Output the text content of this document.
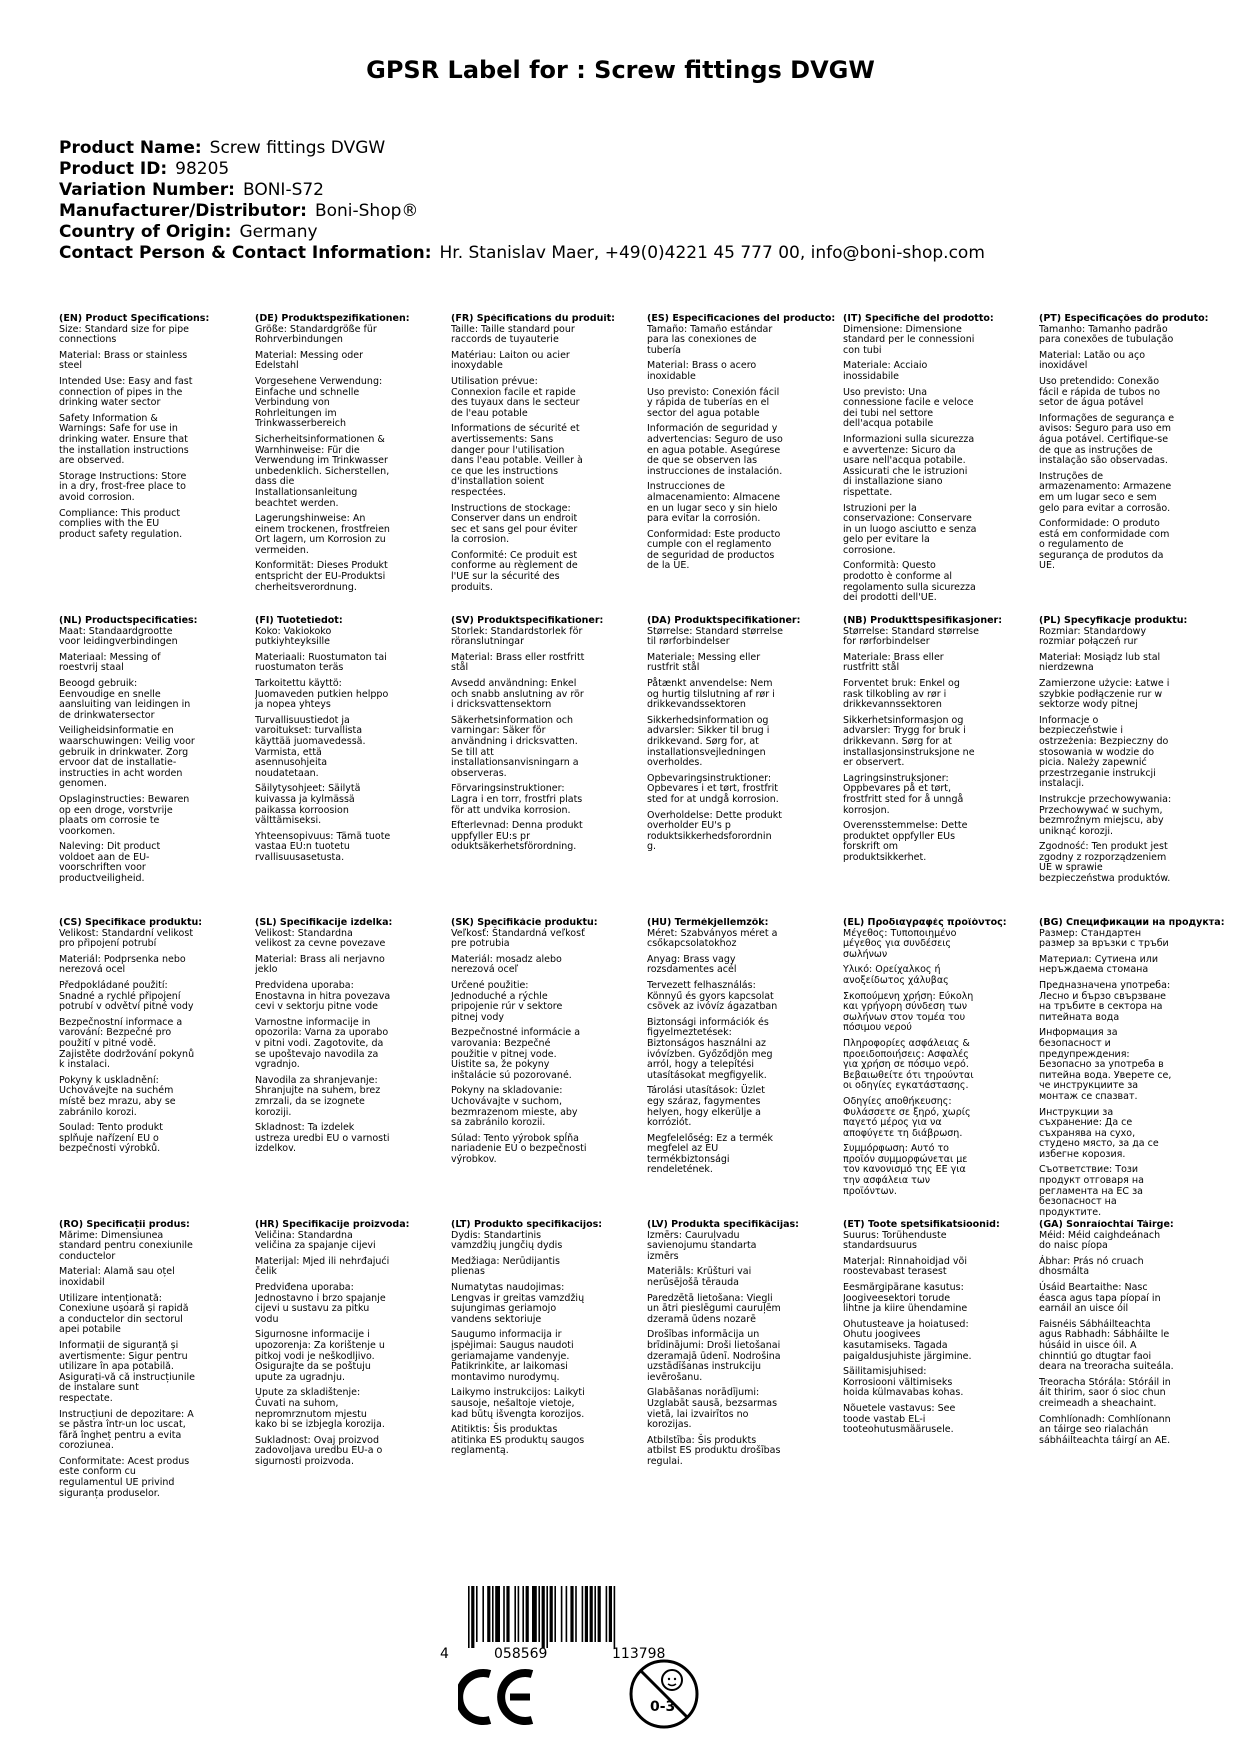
GPSR Label for : Screw fittings DVGW
Product Name: Screw fittings DVGW
Product ID: 98205
Variation Number: BONI-S72
Manufacturer/Distributor: Boni-Shop®
Country of Origin: Germany
Contact Person & Contact Information: Hr. Stanislav Maer, +49(0)4221 45 777 00, info@boni-shop.com
(EN) Product Specifications:

Size: Standard size for pipe connections

Material: Brass or stainless steel

Intended Use: Easy and fast connection of pipes in the drinking water sector

Safety Information & Warnings: Safe for use in drinking water. Ensure that the installation instructions are observed.

Storage Instructions: Store in a dry, frost-free place to avoid corrosion.

Compliance: This product complies with the EU product safety regulation.

(DE) Produktspezifikationen:

Größe: Standardgröße für Rohrverbindungen

Material: Messing oder Edelstahl

Vorgesehene Verwendung: Einfache und schnelle Verbindung von Rohrleitungen im Trinkwasserbereich

Sicherheitsinformationen & Warnhinweise: Für die Verwendung im Trinkwasser unbedenklich. Sicherstellen, dass die Installationsanleitung beachtet werden.

Lagerungshinweise: An einem trockenen, frostfreien Ort lagern, um Korrosion zu vermeiden.

Konformität: Dieses Produkt entspricht der EU-Produktsi cherheitsverordnung.

(FR) Spécifications du produit:

Taille: Taille standard pour raccords de tuyauterie

Matériau: Laiton ou acier inoxydable

Utilisation prévue: Connexion facile et rapide des tuyaux dans le secteur de l'eau potable

Informations de sécurité et avertissements: Sans danger pour l'utilisation dans l'eau potable. Veiller à ce que les instructions d'installation soient respectées.

Instructions de stockage: Conserver dans un endroit sec et sans gel pour éviter la corrosion.

Conformité: Ce produit est conforme au règlement de l'UE sur la sécurité des produits.

(ES) Especificaciones del producto:

Tamaño: Tamaño estándar para las conexiones de tubería

Material: Brass o acero inoxidable

Uso previsto: Conexión fácil y rápida de tuberías en el sector del agua potable

Información de seguridad y advertencias: Seguro de uso en agua potable. Asegúrese de que se observen las instrucciones de instalación.

Instrucciones de almacenamiento: Almacene en un lugar seco y sin hielo para evitar la corrosión.

Conformidad: Este producto cumple con el reglamento de seguridad de productos de la UE.

(IT) Specifiche del prodotto:

Dimensione: Dimensione standard per le connessioni con tubi

Materiale: Acciaio inossidabile

Uso previsto: Una connessione facile e veloce dei tubi nel settore dell'acqua potabile

Informazioni sulla sicurezza e avvertenze: Sicuro da usare nell'acqua potabile. Assicurati che le istruzioni di installazione siano rispettate.

Istruzioni per la conservazione: Conservare in un luogo asciutto e senza gelo per evitare la corrosione.

Conformità: Questo prodotto è conforme al regolamento sulla sicurezza dei prodotti dell'UE.

(PT) Especificações do produto:

Tamanho: Tamanho padrão para conexões de tubulação

Material: Latão ou aço inoxidável

Uso pretendido: Conexão fácil e rápida de tubos no setor de água potável

Informações de segurança e avisos: Seguro para uso em água potável. Certifique-se de que as instruções de instalação são observadas.

Instruções de armazenamento: Armazene em um lugar seco e sem gelo para evitar a corrosão.

Conformidade: O produto está em conformidade com o regulamento de segurança de produtos da UE.

(NL) Productspecificaties:

Maat: Standaardgrootte voor leidingverbindingen

Materiaal: Messing of roestvrij staal

Beoogd gebruik: Eenvoudige en snelle aansluiting van leidingen in de drinkwatersector

Veiligheidsinformatie en waarschuwingen: Veilig voor gebruik in drinkwater. Zorg ervoor dat de installatie-instructies in acht worden genomen.

Opslaginstructies: Bewaren op een droge, vorstvrije plaats om corrosie te voorkomen.

Naleving: Dit product voldoet aan de EU-voorschriften voor productveiligheid.

(FI) Tuotetiedot:

Koko: Vakiokoko putkiyhteyksille

Materiaali: Ruostumaton tai ruostumaton teräs

Tarkoitettu käyttö: Juomaveden putkien helppo ja nopea yhteys

Turvallisuustiedot ja varoitukset: turvallista käyttää juomavedessä. Varmista, että asennusohjeita noudatetaan.

Säilytysohjeet: Säilytä kuivassa ja kylmässä paikassa korroosion välttämiseksi.

Yhteensopivuus: Tämä tuote vastaa EU:n tuotetu rvallisuusasetusta.

(SV) Produktspecifikationer:

Storlek: Standardstorlek för röranslutningar

Material: Brass eller rostfritt stål

Avsedd användning: Enkel och snabb anslutning av rör i dricksvattensektorn

Säkerhetsinformation och varningar: Säker för användning i dricksvatten. Se till att installationsanvisningarn a observeras.

Förvaringsinstruktioner: Lagra i en torr, frostfri plats för att undvika korrosion.

Efterlevnad: Denna produkt uppfyller EU:s pr oduktsäkerhetsförordning.

(DA) Produktspecifikationer:

Størrelse: Standard størrelse til rørforbindelser

Materiale: Messing eller rustfrit stål

Påtænkt anvendelse: Nem og hurtig tilslutning af rør i drikkevandssektoren

Sikkerhedsinformation og advarsler: Sikker til brug i drikkevand. Sørg for, at installationsvejledningen overholdes.

Opbevaringsinstruktioner: Opbevares i et tørt, frostfrit sted for at undgå korrosion.

Overholdelse: Dette produkt overholder EU's p roduktsikkerhedsforordnin g.

(NB) Produkttspesifikasjoner:

Størrelse: Standard størrelse for rørforbindelser

Materiale: Brass eller rustfritt stål

Forventet bruk: Enkel og rask tilkobling av rør i drikkevannssektoren

Sikkerhetsinformasjon og advarsler: Trygg for bruk i drikkevann. Sørg for at installasjonsinstruksjone ne er observert.

Lagringsinstruksjoner: Oppbevares på et tørt, frostfritt sted for å unngå korrosjon.

Overensstemmelse: Dette produktet oppfyller EUs forskrift om produktsikkerhet.

(PL) Specyfikacje produktu:

Rozmiar: Standardowy rozmiar połączeń rur

Materiał: Mosiądz lub stal nierdzewna

Zamierzone użycie: Łatwe i szybkie podłączenie rur w sektorze wody pitnej

Informacje o bezpieczeństwie i ostrzeżenia: Bezpieczny do stosowania w wodzie do picia. Należy zapewnić przestrzeganie instrukcji instalacji.

Instrukcje przechowywania: Przechowywać w suchym, bezmroźnym miejscu, aby uniknąć korozji.

Zgodność: Ten produkt jest zgodny z rozporządzeniem UE w sprawie bezpieczeństwa produktów.

(CS) Specifikace produktu:

Velikost: Standardní velikost pro připojení potrubí

Materiál: Podprsenka nebo nerezová ocel

Předpokládané použití: Snadné a rychlé připojení potrubí v odvětví pitné vody

Bezpečnostní informace a varování: Bezpečné pro použití v pitné vodě. Zajistěte dodržování pokynů k instalaci.

Pokyny k uskladnění: Uchovávejte na suchém místě bez mrazu, aby se zabránilo korozi.

Soulad: Tento produkt splňuje nařízení EU o bezpečnosti výrobků.

(SL) Specifikacije izdelka:

Velikost: Standardna velikost za cevne povezave

Material: Brass ali nerjavno jeklo

Predvidena uporaba: Enostavna in hitra povezava cevi v sektorju pitne vode

Varnostne informacije in opozorila: Varna za uporabo v pitni vodi. Zagotovite, da se upoštevajo navodila za vgradnjo.

Navodila za shranjevanje: Shranjujte na suhem, brez zmrzali, da se izognete koroziji.

Skladnost: Ta izdelek ustreza uredbi EU o varnosti izdelkov.

(SK) Špecifikácie produktu:

Veľkosť: Štandardná veľkosť pre potrubia

Materiál: mosadz alebo nerezová oceľ

Určené použitie: Jednoduché a rýchle pripojenie rúr v sektore pitnej vody

Bezpečnostné informácie a varovania: Bezpečné použitie v pitnej vode. Uistite sa, že pokyny inštalácie sú pozorované.

Pokyny na skladovanie: Uchovávajte v suchom, bezmrazenom mieste, aby sa zabránilo korozii.

Súlad: Tento výrobok spĺňa nariadenie EÚ o bezpečnosti výrobkov.

(HU) Termékjellemzők:

Méret: Szabványos méret a csőkapcsolatokhoz

Anyag: Brass vagy rozsdamentes acél

Tervezett felhasználás: Könnyű és gyors kapcsolat csövek az ivóvíz ágazatban

Biztonsági információk és figyelmeztetések: Biztonságos használni az ivóvízben. Győződjön meg arról, hogy a telepítési utasításokat megfigyelik.

Tárolási utasítások: Üzlet egy száraz, fagymentes helyen, hogy elkerülje a korróziót.

Megfelelőség: Ez a termék megfelel az EU termékbiztonsági rendeletének.

(EL) Προδιαγραφές προϊόντος:

Μέγεθος: Τυποποιημένο μέγεθος για συνδέσεις σωλήνων

Υλικό: Ορείχαλκος ή ανοξείδωτος χάλυβας

Σκοπούμενη χρήση: Εύκολη και γρήγορη σύνδεση των σωλήνων στον τομέα του πόσιμου νερού

Πληροφορίες ασφάλειας & προειδοποιήσεις: Ασφαλές για χρήση σε πόσιμο νερό. Βεβαιωθείτε ότι τηρούνται οι οδηγίες εγκατάστασης.

Οδηγίες αποθήκευσης: Φυλάσσετε σε ξηρό, χωρίς παγετό μέρος για να αποφύγετε τη διάβρωση.

Συμμόρφωση: Αυτό το προϊόν συμμορφώνεται με τον κανονισμό της ΕΕ για την ασφάλεια των προϊόντων.

(BG) Спецификации на продукта:

Размер: Стандартен размер за връзки с тръби

Материал: Сутиена или неръждаема стомана

Предназначена употреба: Лесно и бързо свързване на тръбите в сектора на питейната вода

Информация за безопасност и предупреждения: Безопасно за употреба в питейна вода. Уверете се, че инструкциите за монтаж се спазват.

Инструкции за съхранение: Да се съхранява на сухо, студено място, за да се избегне корозия.

Съответствие: Този продукт отговаря на регламента на ЕС за безопасност на продуктите.

(RO) Specificații produs:

Mărime: Dimensiunea standard pentru conexiunile conductelor

Material: Alamă sau oțel inoxidabil

Utilizare intenționată: Conexiune ușoară și rapidă a conductelor din sectorul apei potabile

Informații de siguranță și avertismente: Sigur pentru utilizare în apa potabilă. Asigurați-vă că instrucțiunile de instalare sunt respectate.

Instrucțiuni de depozitare: A se păstra într-un loc uscat, fără îngheț pentru a evita coroziunea.

Conformitate: Acest produs este conform cu regulamentul UE privind siguranța produselor.

(HR) Specifikacije proizvoda:

Veličina: Standardna veličina za spajanje cijevi

Materijal: Mjed ili nehrđajući čelik

Predviđena uporaba: Jednostavno i brzo spajanje cijevi u sustavu za pitku vodu

Sigurnosne informacije i upozorenja: Za korištenje u pitkoj vodi je neškodljivo. Osigurajte da se poštuju upute za ugradnju.

Upute za skladištenje: Čuvati na suhom, nepromrznutom mjestu kako bi se izbjegla korozija.

Sukladnost: Ovaj proizvod zadovoljava uredbu EU-a o sigurnosti proizvoda.

(LT) Produkto specifikacijos:

Dydis: Standartinis vamzdžių jungčių dydis

Medžiaga: Nerūdijantis plienas

Numatytas naudojimas: Lengvas ir greitas vamzdžių sujungimas geriamojo vandens sektoriuje

Saugumo informacija ir įspėjimai: Saugus naudoti geriamajame vandenyje. Patikrinkite, ar laikomasi montavimo nurodymų.

Laikymo instrukcijos: Laikyti sausoje, nešaltoje vietoje, kad būtų išvengta korozijos.

Atitiktis: Šis produktas atitinka ES produktų saugos reglamentą.

(LV) Produkta specifikācijas:

Izmērs: Cauruļvadu savienojumu standarta izmērs

Materiāls: Krūšturi vai nerūsējošā tērauda

Paredzētā lietošana: Viegli un ātri pieslēgumi cauruļēm dzeramā ūdens nozarē

Drošības informācija un brīdinājumi: Droši lietošanai dzeramajā ūdenī. Nodrošina uzstādīšanas instrukciju ievērošanu.

Glabāšanas norādījumi: Uzglabāt sausā, bezsarmas vietā, lai izvairītos no korozijas.

Atbilstība: Šis produkts atbilst ES produktu drošības regulai.

(ET) Toote spetsifikatsioonid:

Suurus: Torühenduste standardsuurus

Materjal: Rinnahoidjad või roostevabast terasest

Eesmärgipärane kasutus: Joogiveesektori torude lihtne ja kiire ühendamine

Ohutusteave ja hoiatused: Ohutu joogivees kasutamiseks. Tagada paigaldusjuhiste järgimine.

Säilitamisjuhised: Korrosiooni vältimiseks hoida külmavabas kohas.

Nõuetele vastavus: See toode vastab EL-i tooteohutusmäärusele.

(GA) Sonraíochtaí Táirge:

Méid: Méid caighdeánach do naisc píopa

Ábhar: Prás nó cruach dhosmálta

Úsáid Beartaithe: Nasc éasca agus tapa píopaí in earnáil an uisce óil

Faisnéis Sábháilteachta agus Rabhadh: Sábháilte le húsáid in uisce óil. A chinntiú go dtugtar faoi deara na treoracha suiteála.

Treoracha Stórála: Stóráil in áit thirim, saor ó sioc chun creimeadh a sheachaint.

Comhlíonadh: Comhlíonann an táirge seo rialachán sábháilteachta táirgí an AE.

4	058569	113798
0-3
